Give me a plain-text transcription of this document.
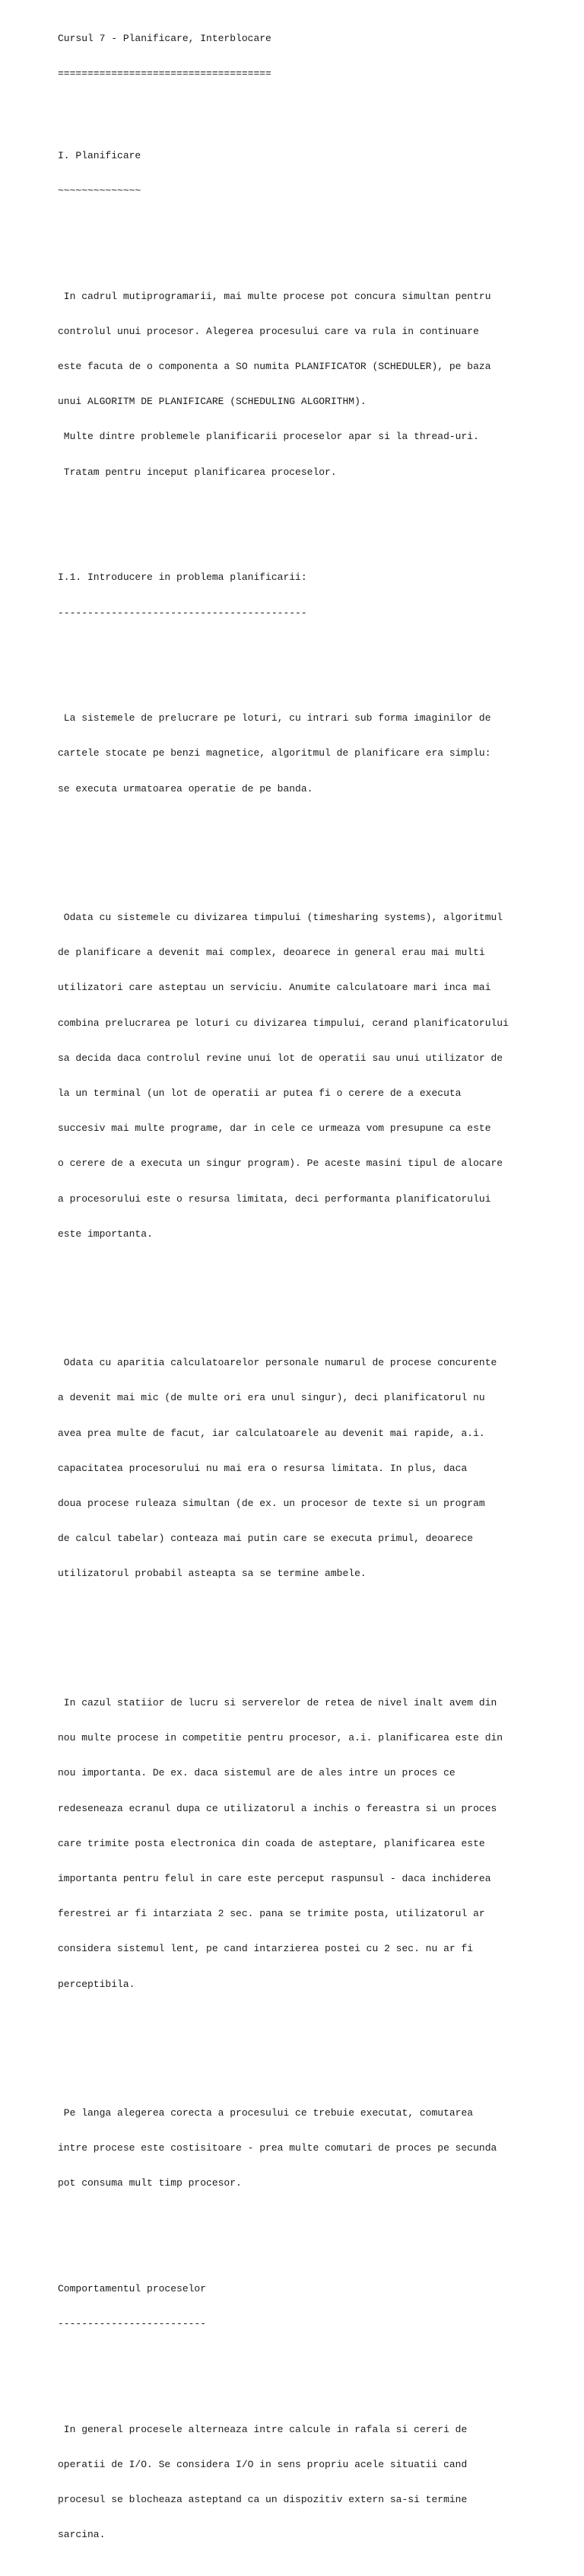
Cursul 7 - Planificare, Interblocare

====================================

I. Planificare

~~~~~~~~~~~~~~

In cadrul mutiprogramarii, mai multe procese pot concura simultan pentru

controlul unui procesor. Alegerea procesului care va rula in continuare

este facuta de o componenta a SO numita PLANIFICATOR (SCHEDULER), pe baza

unui ALGORITM DE PLANIFICARE (SCHEDULING ALGORITHM).

Multe dintre problemele planificarii proceselor apar si la thread-uri.

Tratam pentru inceput planificarea proceselor.

I.1. Introducere in problema planificarii:

------------------------------------------

La sistemele de prelucrare pe loturi, cu intrari sub forma imaginilor de

cartele stocate pe benzi magnetice, algoritmul de planificare era simplu:

se executa urmatoarea operatie de pe banda.

Odata cu sistemele cu divizarea timpului (timesharing systems), algoritmul

de planificare a devenit mai complex, deoarece in general erau mai multi

utilizatori care asteptau un serviciu. Anumite calculatoare mari inca mai

combina prelucrarea pe loturi cu divizarea timpului, cerand planificatorului

sa decida daca controlul revine unui lot de operatii sau unui utilizator de

la un terminal (un lot de operatii ar putea fi o cerere de a executa

succesiv mai multe programe, dar in cele ce urmeaza vom presupune ca este

o cerere de a executa un singur program). Pe aceste masini tipul de alocare

a procesorului este o resursa limitata, deci performanta planificatorului

este importanta.

Odata cu aparitia calculatoarelor personale numarul de procese concurente

a devenit mai mic (de multe ori era unul singur), deci planificatorul nu

avea prea multe de facut, iar calculatoarele au devenit mai rapide, a.i.

capacitatea procesorului nu mai era o resursa limitata. In plus, daca

doua procese ruleaza simultan (de ex. un procesor de texte si un program

de calcul tabelar) conteaza mai putin care se executa primul, deoarece

utilizatorul probabil asteapta sa se termine ambele.

In cazul statiior de lucru si serverelor de retea de nivel inalt avem din

nou multe procese in competitie pentru procesor, a.i. planificarea este din

nou importanta. De ex. daca sistemul are de ales intre un proces ce

redeseneaza ecranul dupa ce utilizatorul a inchis o fereastra si un proces

care trimite posta electronica din coada de asteptare, planificarea este

importanta pentru felul in care este perceput raspunsul - daca inchiderea

ferestrei ar fi intarziata 2 sec. pana se trimite posta, utilizatorul ar

considera sistemul lent, pe cand intarzierea postei cu 2 sec. nu ar fi

perceptibila.

Pe langa alegerea corecta a procesului ce trebuie executat, comutarea

intre procese este costisitoare - prea multe comutari de proces pe secunda

pot consuma mult timp procesor.

Comportamentul proceselor

-------------------------

In general procesele alterneaza intre calcule in rafala si cereri de

operatii de I/O. Se considera I/O in sens propriu acele situatii cand

procesul se blocheaza asteptand ca un dispozitiv extern sa-si termine

sarcina.
